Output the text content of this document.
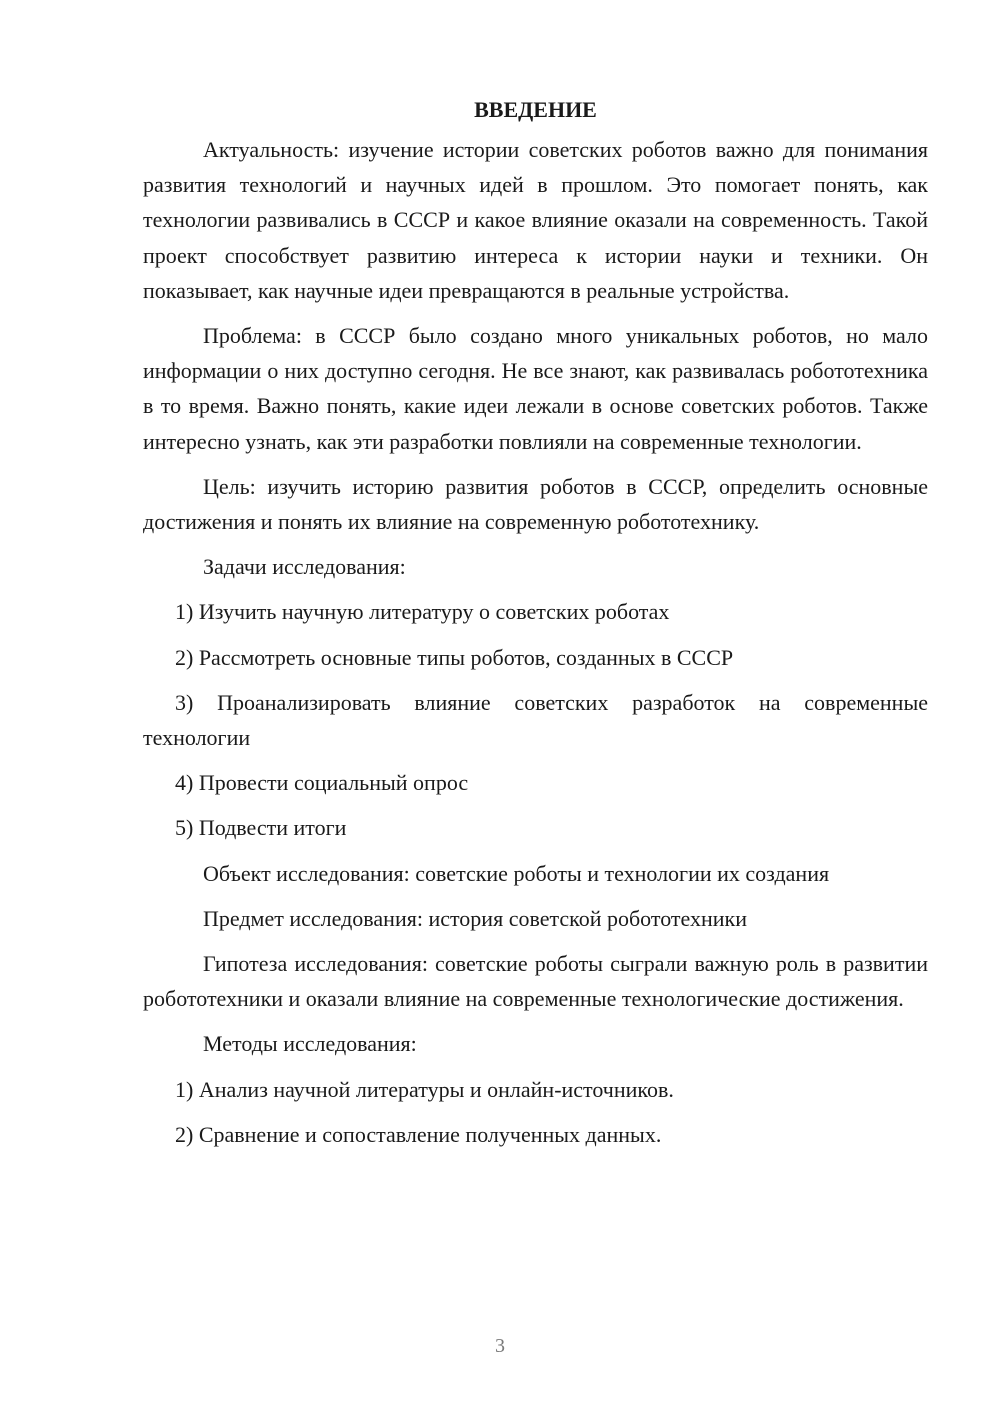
ВВЕДЕНИЕ

Актуальность: изучение истории советских роботов важно для понимания развития технологий и научных идей в прошлом. Это помогает понять, как технологии развивались в СССР и какое влияние оказали на современность. Такой проект способствует развитию интереса к истории науки и техники. Он показывает, как научные идеи превращаются в реальные устройства.

Проблема: в СССР было создано много уникальных роботов, но мало информации о них доступно сегодня. Не все знают, как развивалась робототехника в то время. Важно понять, какие идеи лежали в основе советских роботов. Также интересно узнать, как эти разработки повлияли на современные технологии.

Цель: изучить историю развития роботов в СССР, определить основные достижения и понять их влияние на современную робототехнику.

Задачи исследования:

1) Изучить научную литературу о советских роботах

2) Рассмотреть основные типы роботов, созданных в СССР

3) Проанализировать влияние советских разработок на современные технологии

4) Провести социальный опрос

5) Подвести итоги

Объект исследования: советские роботы и технологии их создания

Предмет исследования: история советской робототехники

Гипотеза исследования: советские роботы сыграли важную роль в развитии робототехники и оказали влияние на современные технологические достижения.

Методы исследования:

1) Анализ научной литературы и онлайн-источников.

2) Сравнение и сопоставление полученных данных.

3
